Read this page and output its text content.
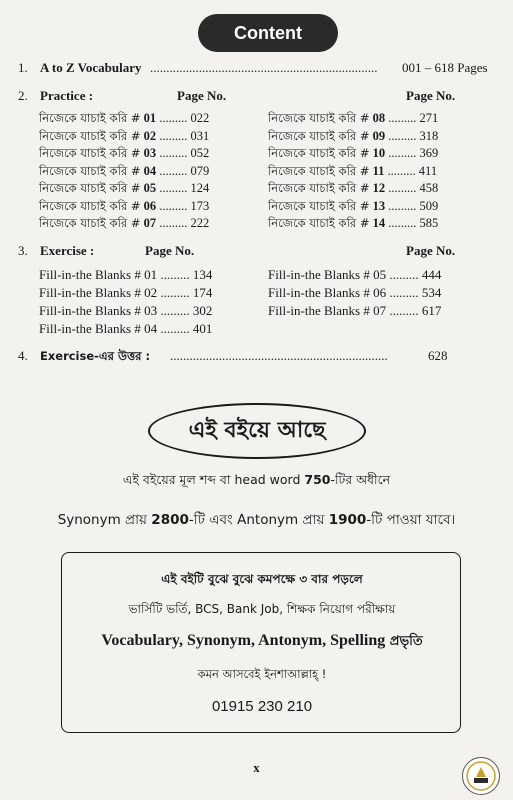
Content
1. A to Z Vocabulary ......................................................................	001 – 618 Pages
2. Practice :	Page No.	Page No.
নিজেকে যাচাই করি # 01 ......... 022
নিজেকে যাচাই করি # 02 ......... 031
নিজেকে যাচাই করি # 03 ......... 052
নিজেকে যাচাই করি # 04 ......... 079
নিজেকে যাচাই করি # 05 ......... 124
নিজেকে যাচাই করি # 06 ......... 173
নিজেকে যাচাই করি # 07 ......... 222
নিজেকে যাচাই করি # 08 ......... 271
নিজেকে যাচাই করি # 09 ......... 318
নিজেকে যাচাই করি # 10 ......... 369
নিজেকে যাচাই করি # 11 ......... 411
নিজেকে যাচাই করি # 12 ......... 458
নিজেকে যাচাই করি # 13 ......... 509
নিজেকে যাচাই করি # 14 ......... 585
3. Exercise :	Page No.	Page No.
Fill-in-the Blanks # 01 ......... 134
Fill-in-the Blanks # 02 ......... 174
Fill-in-the Blanks # 03 ......... 302
Fill-in-the Blanks # 04 ......... 401
Fill-in-the Blanks # 05 ......... 444
Fill-in-the Blanks # 06 ......... 534
Fill-in-the Blanks # 07 ......... 617
4. Exercise-এর উত্তর : ...................................................................	628
এই বইয়ে আছে
এই বইয়ের মূল শব্দ বা head word 750-টির অধীনে
Synonym প্রায় 2800-টি এবং Antonym প্রায় 1900-টি পাওয়া যাবে।
এই বইটি বুঝে বুঝে কমপক্ষে ৩ বার পড়লে
ভার্সিটি ভর্তি, BCS, Bank Job, শিক্ষক নিয়োগ পরীক্ষায়
Vocabulary, Synonym, Antonym, Spelling প্রভৃতি
কমন আসবেই ইনশাআল্লাহ্ !
01915 230 210
x
